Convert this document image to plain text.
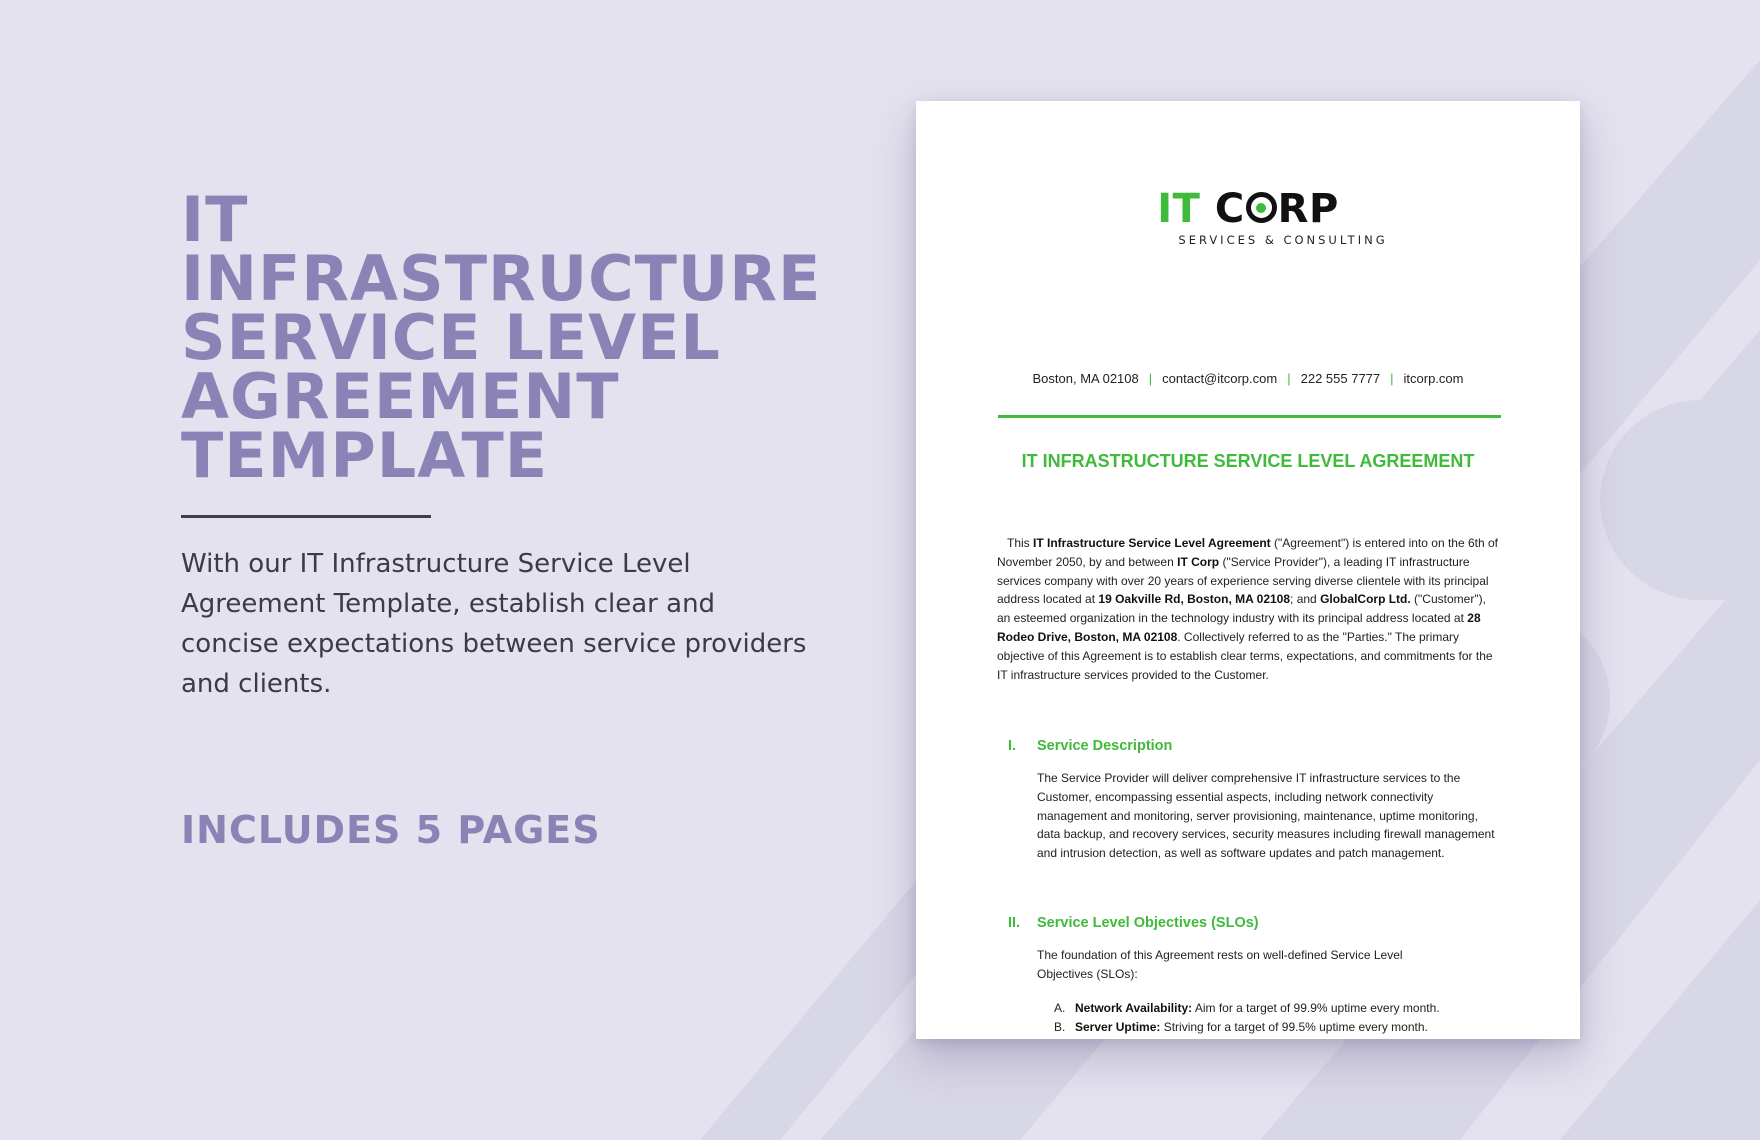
IT INFRASTRUCTURE
SERVICE LEVEL
AGREEMENT
TEMPLATE
With our IT Infrastructure Service Level Agreement Template, establish clear and concise expectations between service providers and clients.
INCLUDES 5 PAGES
IT C RP
SERVICES & CONSULTING
Boston, MA 02108 | contact@itcorp.com | 222 555 7777 | itcorp.com
IT INFRASTRUCTURE SERVICE LEVEL AGREEMENT
This IT Infrastructure Service Level Agreement ("Agreement") is entered into on the 6th of November 2050, by and between IT Corp ("Service Provider"), a leading IT infrastructure services company with over 20 years of experience serving diverse clientele with its principal address located at 19 Oakville Rd, Boston, MA 02108; and GlobalCorp Ltd. ("Customer"), an esteemed organization in the technology industry with its principal address located at 28 Rodeo Drive, Boston, MA 02108. Collectively referred to as the "Parties." The primary objective of this Agreement is to establish clear terms, expectations, and commitments for the IT infrastructure services provided to the Customer.
I. Service Description
The Service Provider will deliver comprehensive IT infrastructure services to the Customer, encompassing essential aspects, including network connectivity management and monitoring, server provisioning, maintenance, uptime monitoring, data backup, and recovery services, security measures including firewall management and intrusion detection, as well as software updates and patch management.
II. Service Level Objectives (SLOs)
The foundation of this Agreement rests on well-defined Service Level Objectives (SLOs):
A. Network Availability: Aim for a target of 99.9% uptime every month.
B. Server Uptime: Striving for a target of 99.5% uptime every month.
